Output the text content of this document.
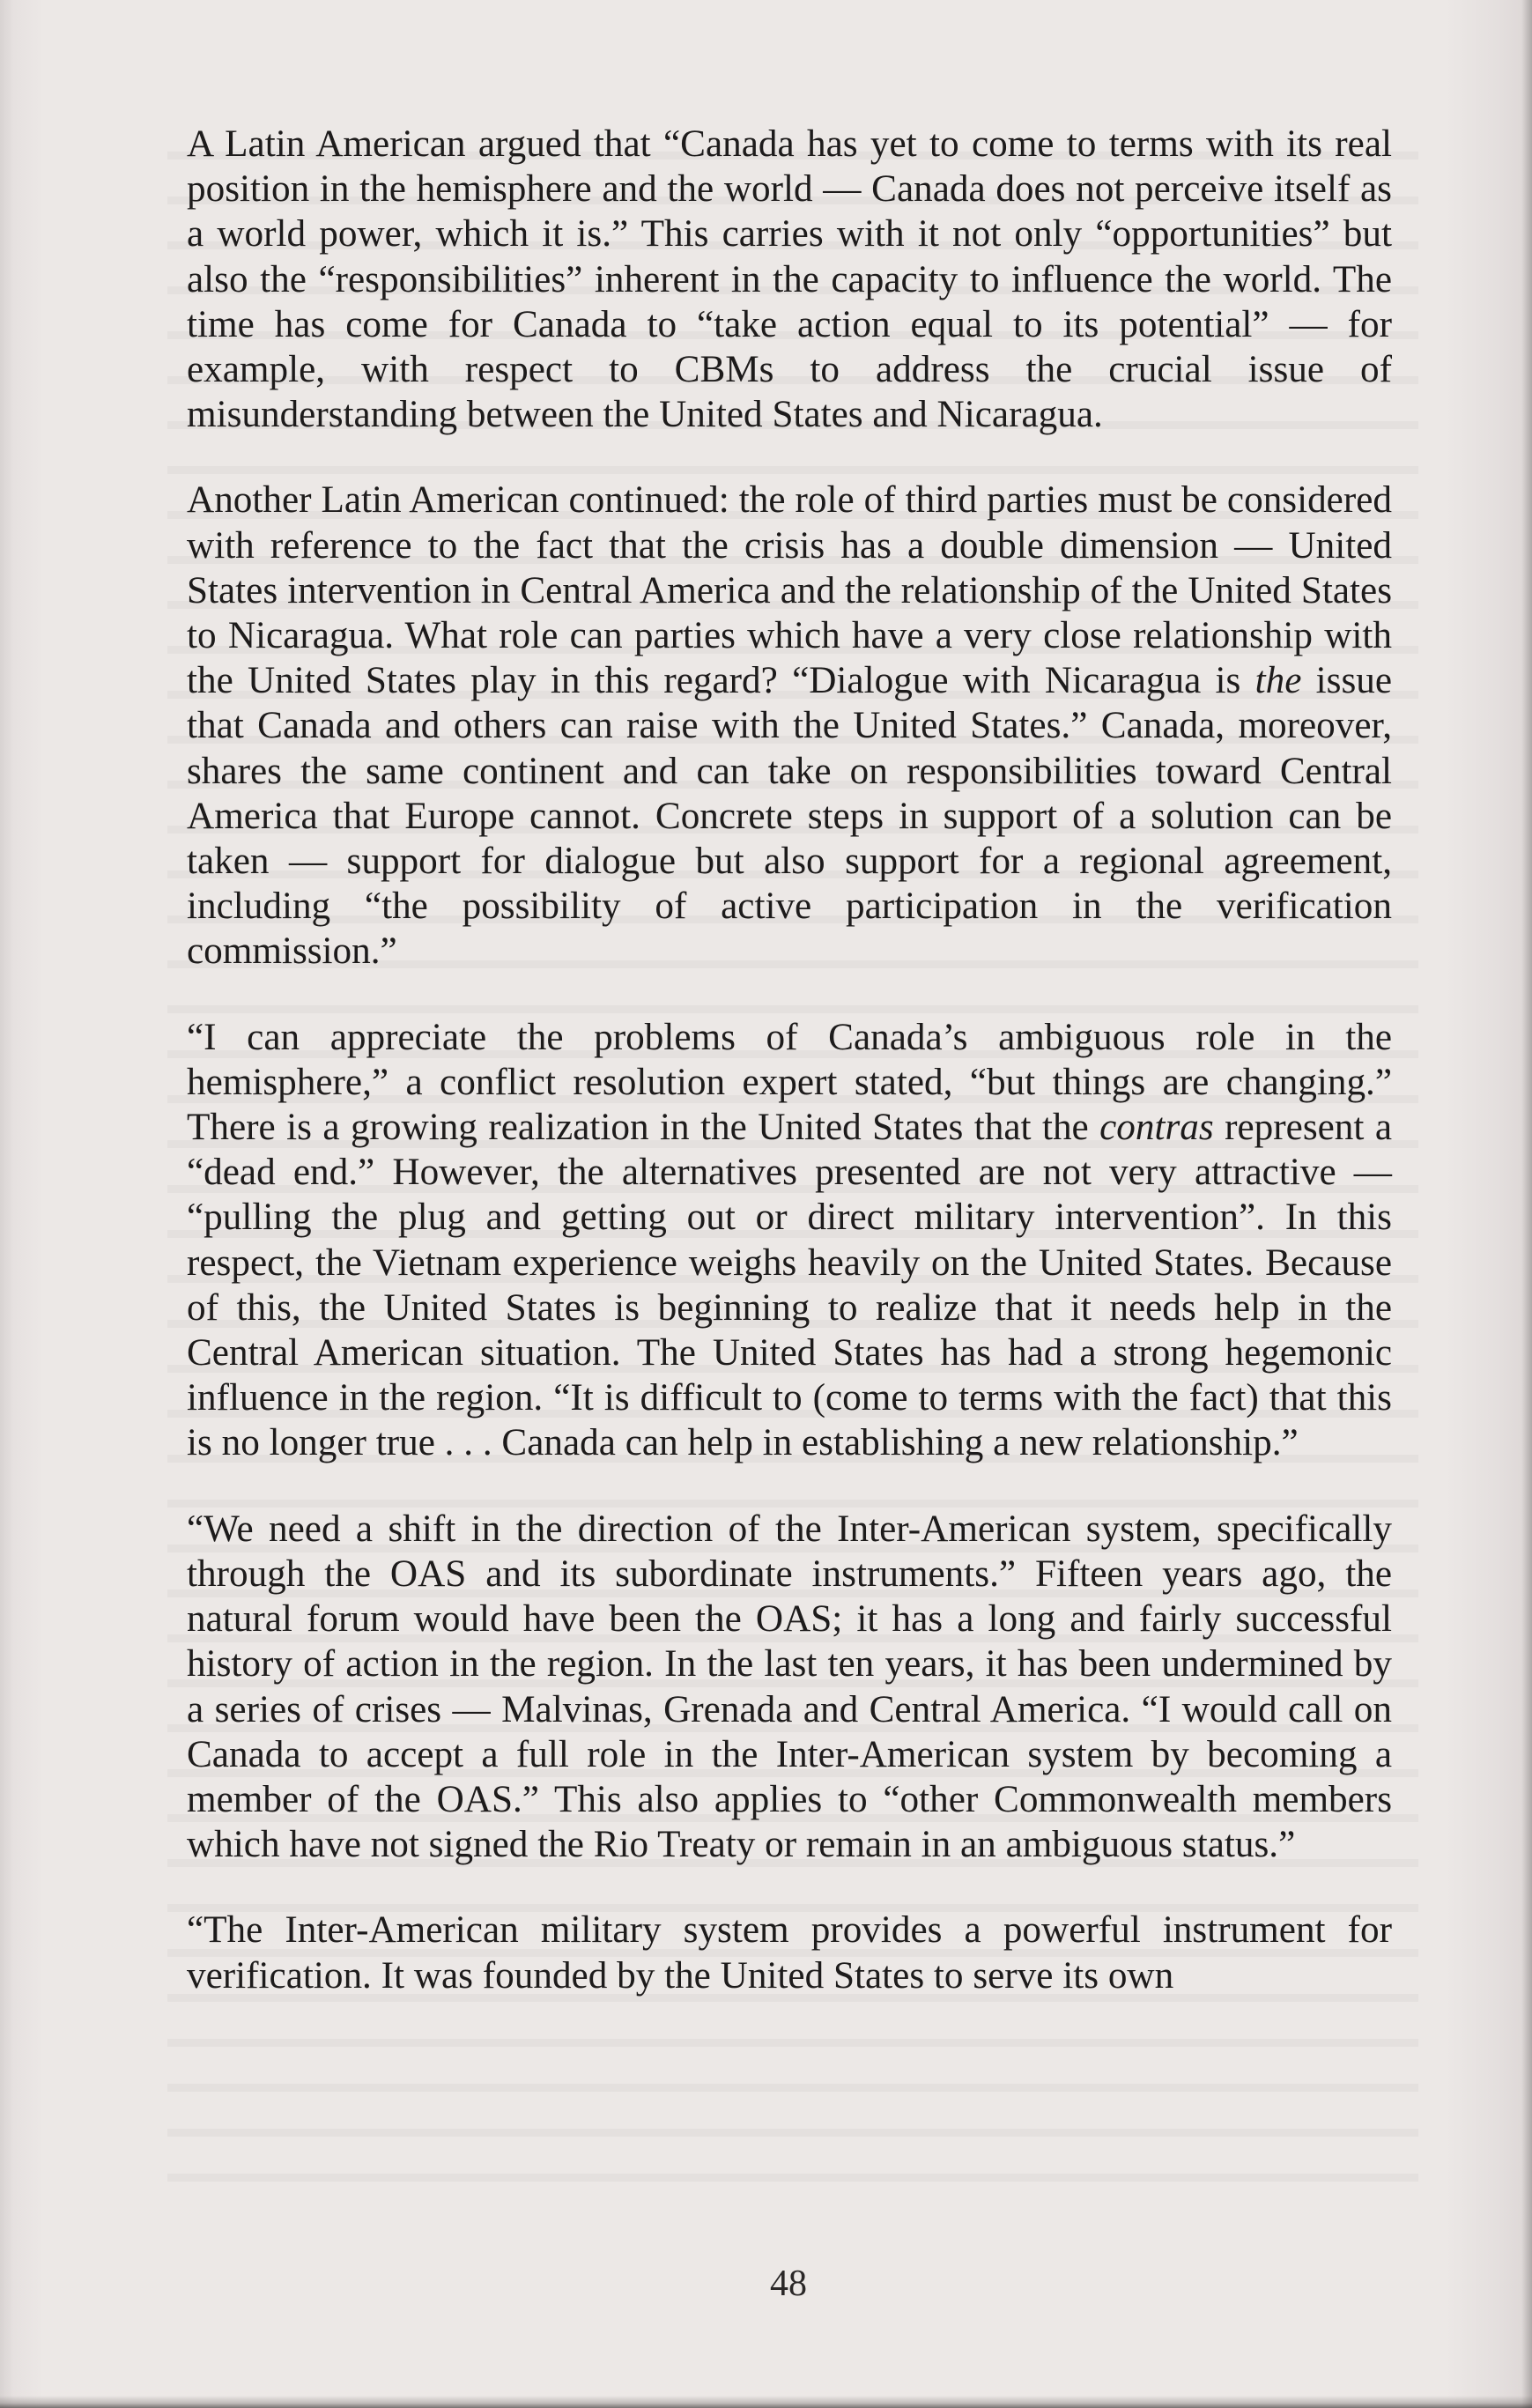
A Latin American argued that “Canada has yet to come to terms with its real position in the hemisphere and the world — Canada does not perceive itself as a world power, which it is.” This carries with it not only “opportunities” but also the “responsibilities” inherent in the capacity to influence the world. The time has come for Canada to “take action equal to its potential” — for example, with respect to CBMs to address the crucial issue of misunderstanding between the United States and Nicaragua.

Another Latin American continued: the role of third parties must be considered with reference to the fact that the crisis has a double dimension — United States intervention in Central America and the relationship of the United States to Nicaragua. What role can parties which have a very close relationship with the United States play in this regard? “Dialogue with Nicaragua is the issue that Canada and others can raise with the United States.” Canada, moreover, shares the same continent and can take on responsibilities toward Central America that Europe cannot. Concrete steps in support of a solution can be taken — support for dialogue but also support for a regional agreement, including “the possibility of active participation in the verification commission.”

“I can appreciate the problems of Canada’s ambiguous role in the hemisphere,” a conflict resolution expert stated, “but things are changing.” There is a growing realization in the United States that the contras represent a “dead end.” However, the alternatives presented are not very attractive — “pulling the plug and getting out or direct military intervention”. In this respect, the Vietnam experience weighs heavily on the United States. Because of this, the United States is beginning to realize that it needs help in the Central American situation. The United States has had a strong hegemonic influence in the region. “It is difficult to (come to terms with the fact) that this is no longer true . . . Canada can help in establishing a new relationship.”

“We need a shift in the direction of the Inter-American system, specifically through the OAS and its subordinate instruments.” Fifteen years ago, the natural forum would have been the OAS; it has a long and fairly successful history of action in the region. In the last ten years, it has been undermined by a series of crises — Malvinas, Grenada and Central America. “I would call on Canada to accept a full role in the Inter-American system by becoming a member of the OAS.” This also applies to “other Commonwealth members which have not signed the Rio Treaty or remain in an ambiguous status.”

“The Inter-American military system provides a powerful instrument for verification. It was founded by the United States to serve its own

48
